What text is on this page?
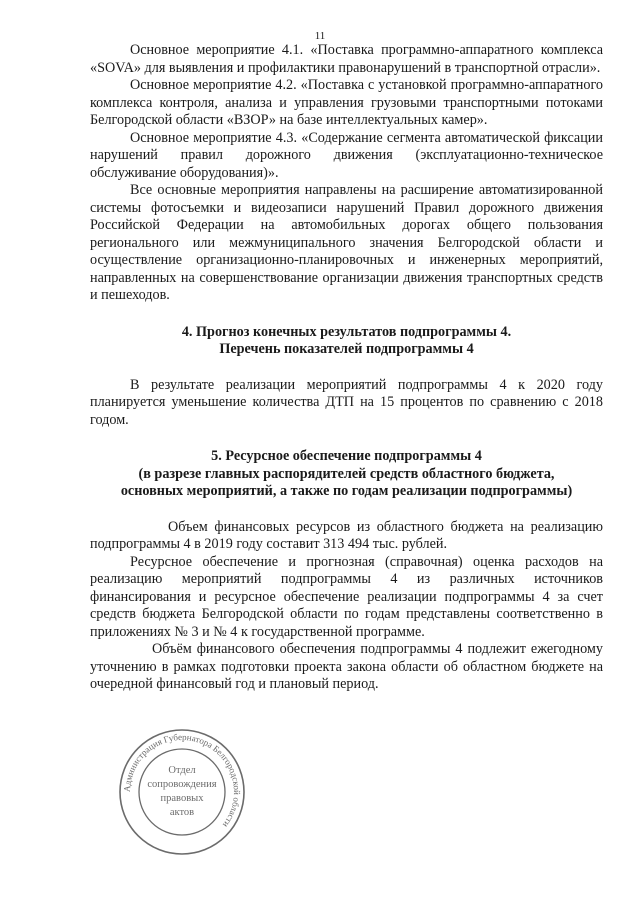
11

Основное мероприятие 4.1. «Поставка программно-аппаратного комплекса «SOVA» для выявления и профилактики правонарушений в транспортной отрасли».

Основное мероприятие 4.2. «Поставка с установкой программно-аппаратного комплекса контроля, анализа и управления грузовыми транспортными потоками Белгородской области «ВЗОР» на базе интеллектуальных камер».

Основное мероприятие 4.3. «Содержание сегмента автоматической фиксации нарушений правил дорожного движения (эксплуатационно-техническое обслуживание оборудования)».

Все основные мероприятия направлены на расширение автоматизированной системы фотосъемки и видеозаписи нарушений Правил дорожного движения Российской Федерации на автомобильных дорогах общего пользования регионального или межмуниципального значения Белгородской области и осуществление организационно-планировочных и инженерных мероприятий, направленных на совершенствование организации движения транспортных средств и пешеходов.

4. Прогноз конечных результатов подпрограммы 4.

Перечень показателей подпрограммы 4

В результате реализации мероприятий подпрограммы 4 к 2020 году планируется уменьшение количества ДТП на 15 процентов по сравнению с 2018 годом.

5. Ресурсное обеспечение подпрограммы 4

(в разрезе главных распорядителей средств областного бюджета,

основных мероприятий, а также по годам реализации подпрограммы)

Объем финансовых ресурсов из областного бюджета на реализацию подпрограммы 4 в 2019 году составит 313 494 тыс. рублей.

Ресурсное обеспечение и прогнозная (справочная) оценка расходов на реализацию мероприятий подпрограммы 4 из различных источников финансирования и ресурсное обеспечение реализации подпрограммы 4 за счет средств бюджета Белгородской области по годам представлены соответственно в приложениях № 3 и № 4 к государственной программе.

Объём финансового обеспечения подпрограммы 4 подлежит ежегодному уточнению в рамках подготовки проекта закона области об областном бюджете на очередной финансовый год и плановый период.

Администрация Губернатора Белгородской области
Отдел
сопровождения
правовых
актов
